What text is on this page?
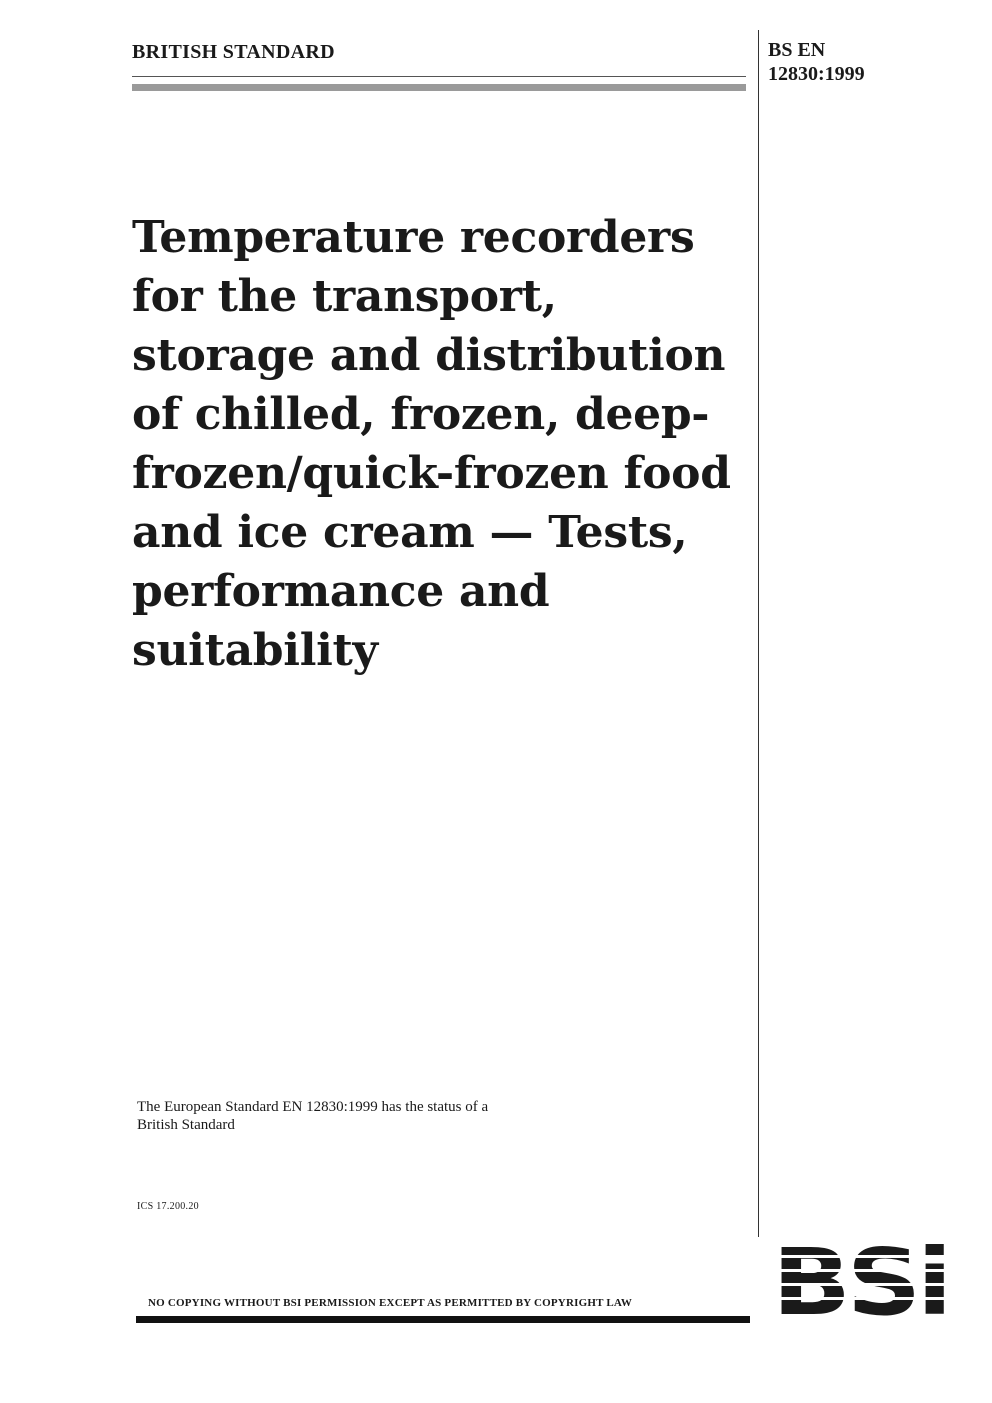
BRITISH STANDARD	BS EN
12830:1999
Temperature recorders
for the transport,
storage and distribution
of chilled, frozen, deep-
frozen/quick-frozen food
and ice cream — Tests,
performance and
suitability
The European Standard EN 12830:1999 has the status of a
British Standard
ICS 17.200.20
NO COPYING WITHOUT BSI PERMISSION EXCEPT AS PERMITTED BY COPYRIGHT LAW
